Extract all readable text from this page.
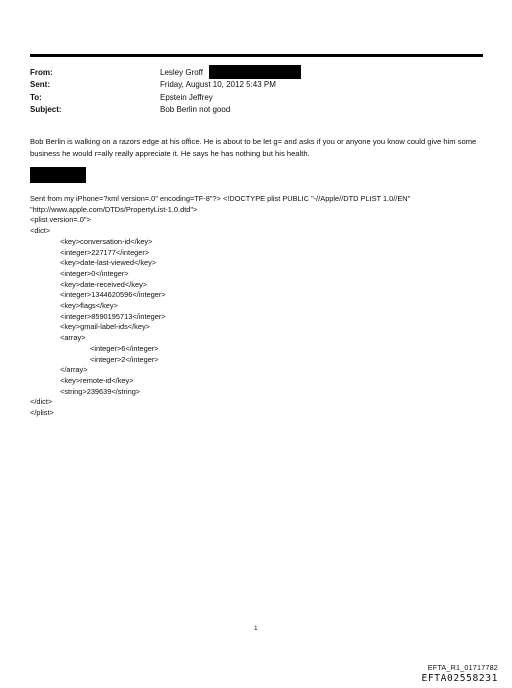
From:	Lesley Groff
Sent:	Friday, August 10, 2012 5:43 PM
To:	Epstein Jeffrey
Subject:	Bob Berlin not good
Bob Berlin is walking on a razors edge at his office. He is about to be let g= and asks if you or anyone you know could give him some business he would r=ally really appreciate it. He says he has nothing but his health.
Sent from my iPhone=?xml version=.0" encoding=TF-8"?> <!DOCTYPE plist PUBLIC "-//Apple//DTD PLIST 1.0//EN"
"http://www.apple.com/DTDs/PropertyList-1.0.dtd">
<plist version=.0">
<dict>
<key>conversation-id</key>
<integer>227177</integer>
<key>date-last-viewed</key>
<integer>0</integer>
<key>date-received</key>
<integer>1344620596</integer>
<key>flags</key>
<integer>8590195713</integer>
<key>gmail-label-ids</key>
<array>
<integer>6</integer>
<integer>2</integer>
</array>
<key>remote-id</key>
<string>239639</string>
</dict>
</plist>
1
EFTA_R1_01717782
EFTA02558231
